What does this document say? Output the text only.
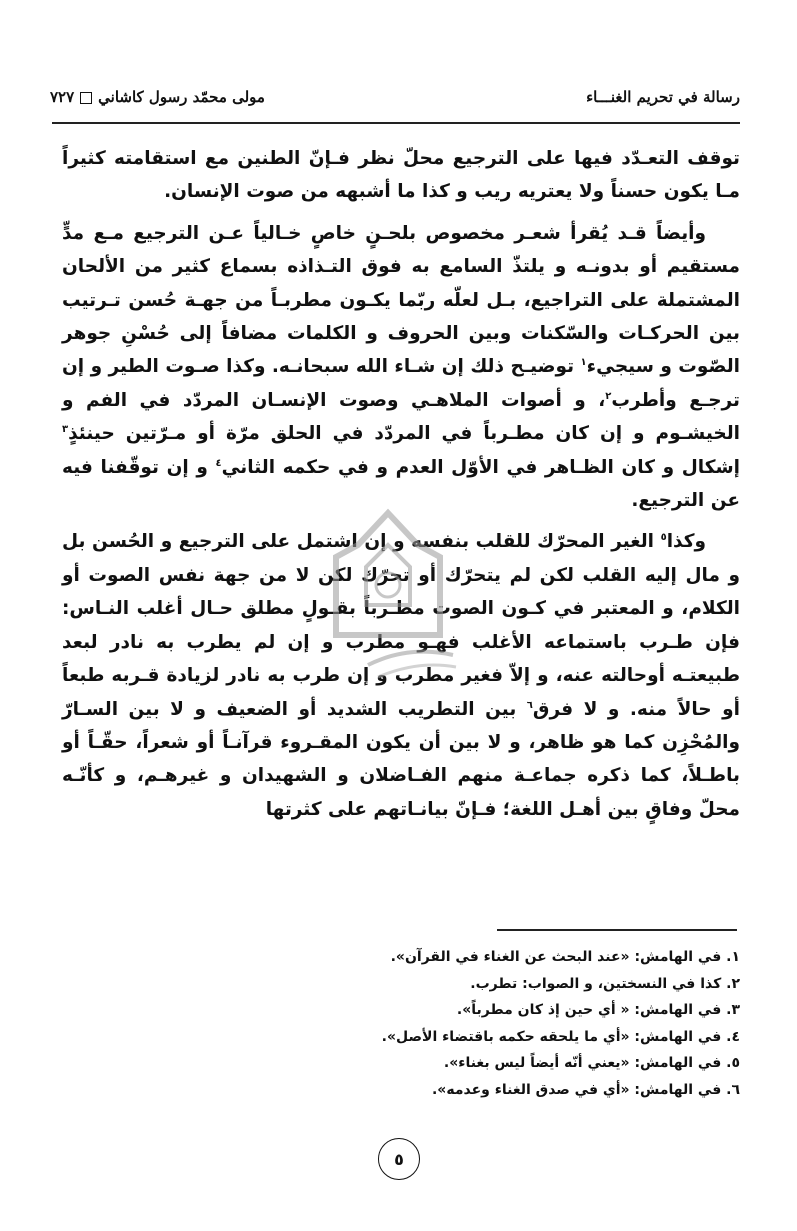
رسالة في تحريم الغنـــاء
مولى محمّد رسول كاشاني٧٢٧

توقف التعـدّد فيها على الترجيع محلّ نظر فـإنّ الطنين مع استقامته كثيراً مـا يكون حسناً ولا يعتريه ريب و كذا ما أشبهه من صوت الإنسان.

وأيضاً قـد يُقرأ شعـر مخصوص بلحـنٍ خاصٍ خـالياً عـن الترجيع مـع مدٍّ مستقيم أو بدونـه و يلتذّ السامع به فوق التـذاذه بسماع كثير من الألحان المشتملة على التراجيع، بـل لعلّه ربّما يكـون مطربـاً من جهـة حُسن تـرتيب بين الحركـات والسّكنات وبين الحروف و الكلمات مضافاً إلى حُسْنِ جوهر الصّوت و سيجيء$^١$ توضيـح ذلك إن شـاء الله سبحانـه. وكذا صـوت الطير و إن ترجـع وأطرب$^٢$، و أصوات الملاهـي وصوت الإنسـان المردّد في الفم و الخيشـوم و إن كان مطـرباً في المردّد في الحلق مرّة أو مـرّتين حينئذٍ$^٣$ إشكال و كان الظـاهر في الأوّل العدم و في حكمه الثاني$^٤$ و إن توقّفنا فيه عن الترجيع.

وكذا$^٥$ الغير المحرّك للقلب بنفسه و إن اشتمل على الترجيع و الحُسن بل و مال إليه القلب لكن لم يتحرّك أو تحرّك لكن لا من جهة نفس الصوت أو الكلام، و المعتبر في كـون الصوت مطـرباً بقـولٍ مطلق حـال أغلب النـاس: فإن طـرب باستماعه الأغلب فهـو مطرب و إن لم يطرب به نادر لبعد طبيعتـه أوحالته عنه، و إلاّ فغير مطرب و إن طرب به نادر لزيادة قـربه طبعاً أو حالاً منه. و لا فرق$^٦$ بين التطريب الشديد أو الضعيف و لا بين السـارّ والمُحْزِن كما هو ظاهر، و لا بين أن يكون المقـروء قرآنـاً أو شعراً، حقّـاً أو باطـلاً، كما ذكره جماعـة منهم الفـاضلان و الشهيدان و غيرهـم، و كأنّـه محلّ وفاقٍ بين أهـل اللغة؛ فـإنّ بيانـاتهم على كثرتها

١. في الهامش: «عند البحث عن الغناء في القرآن».

٢. كذا في النسختين، و الصواب: تطرب.

٣. في الهامش: « أي حين إذ كان مطرباً».

٤. في الهامش: «أي ما يلحقه حكمه باقتضاء الأصل».

٥. في الهامش: «يعني أنّه أيضاً ليس بغناء».

٦. في الهامش: «أي في صدق الغناء وعدمه».

٥
